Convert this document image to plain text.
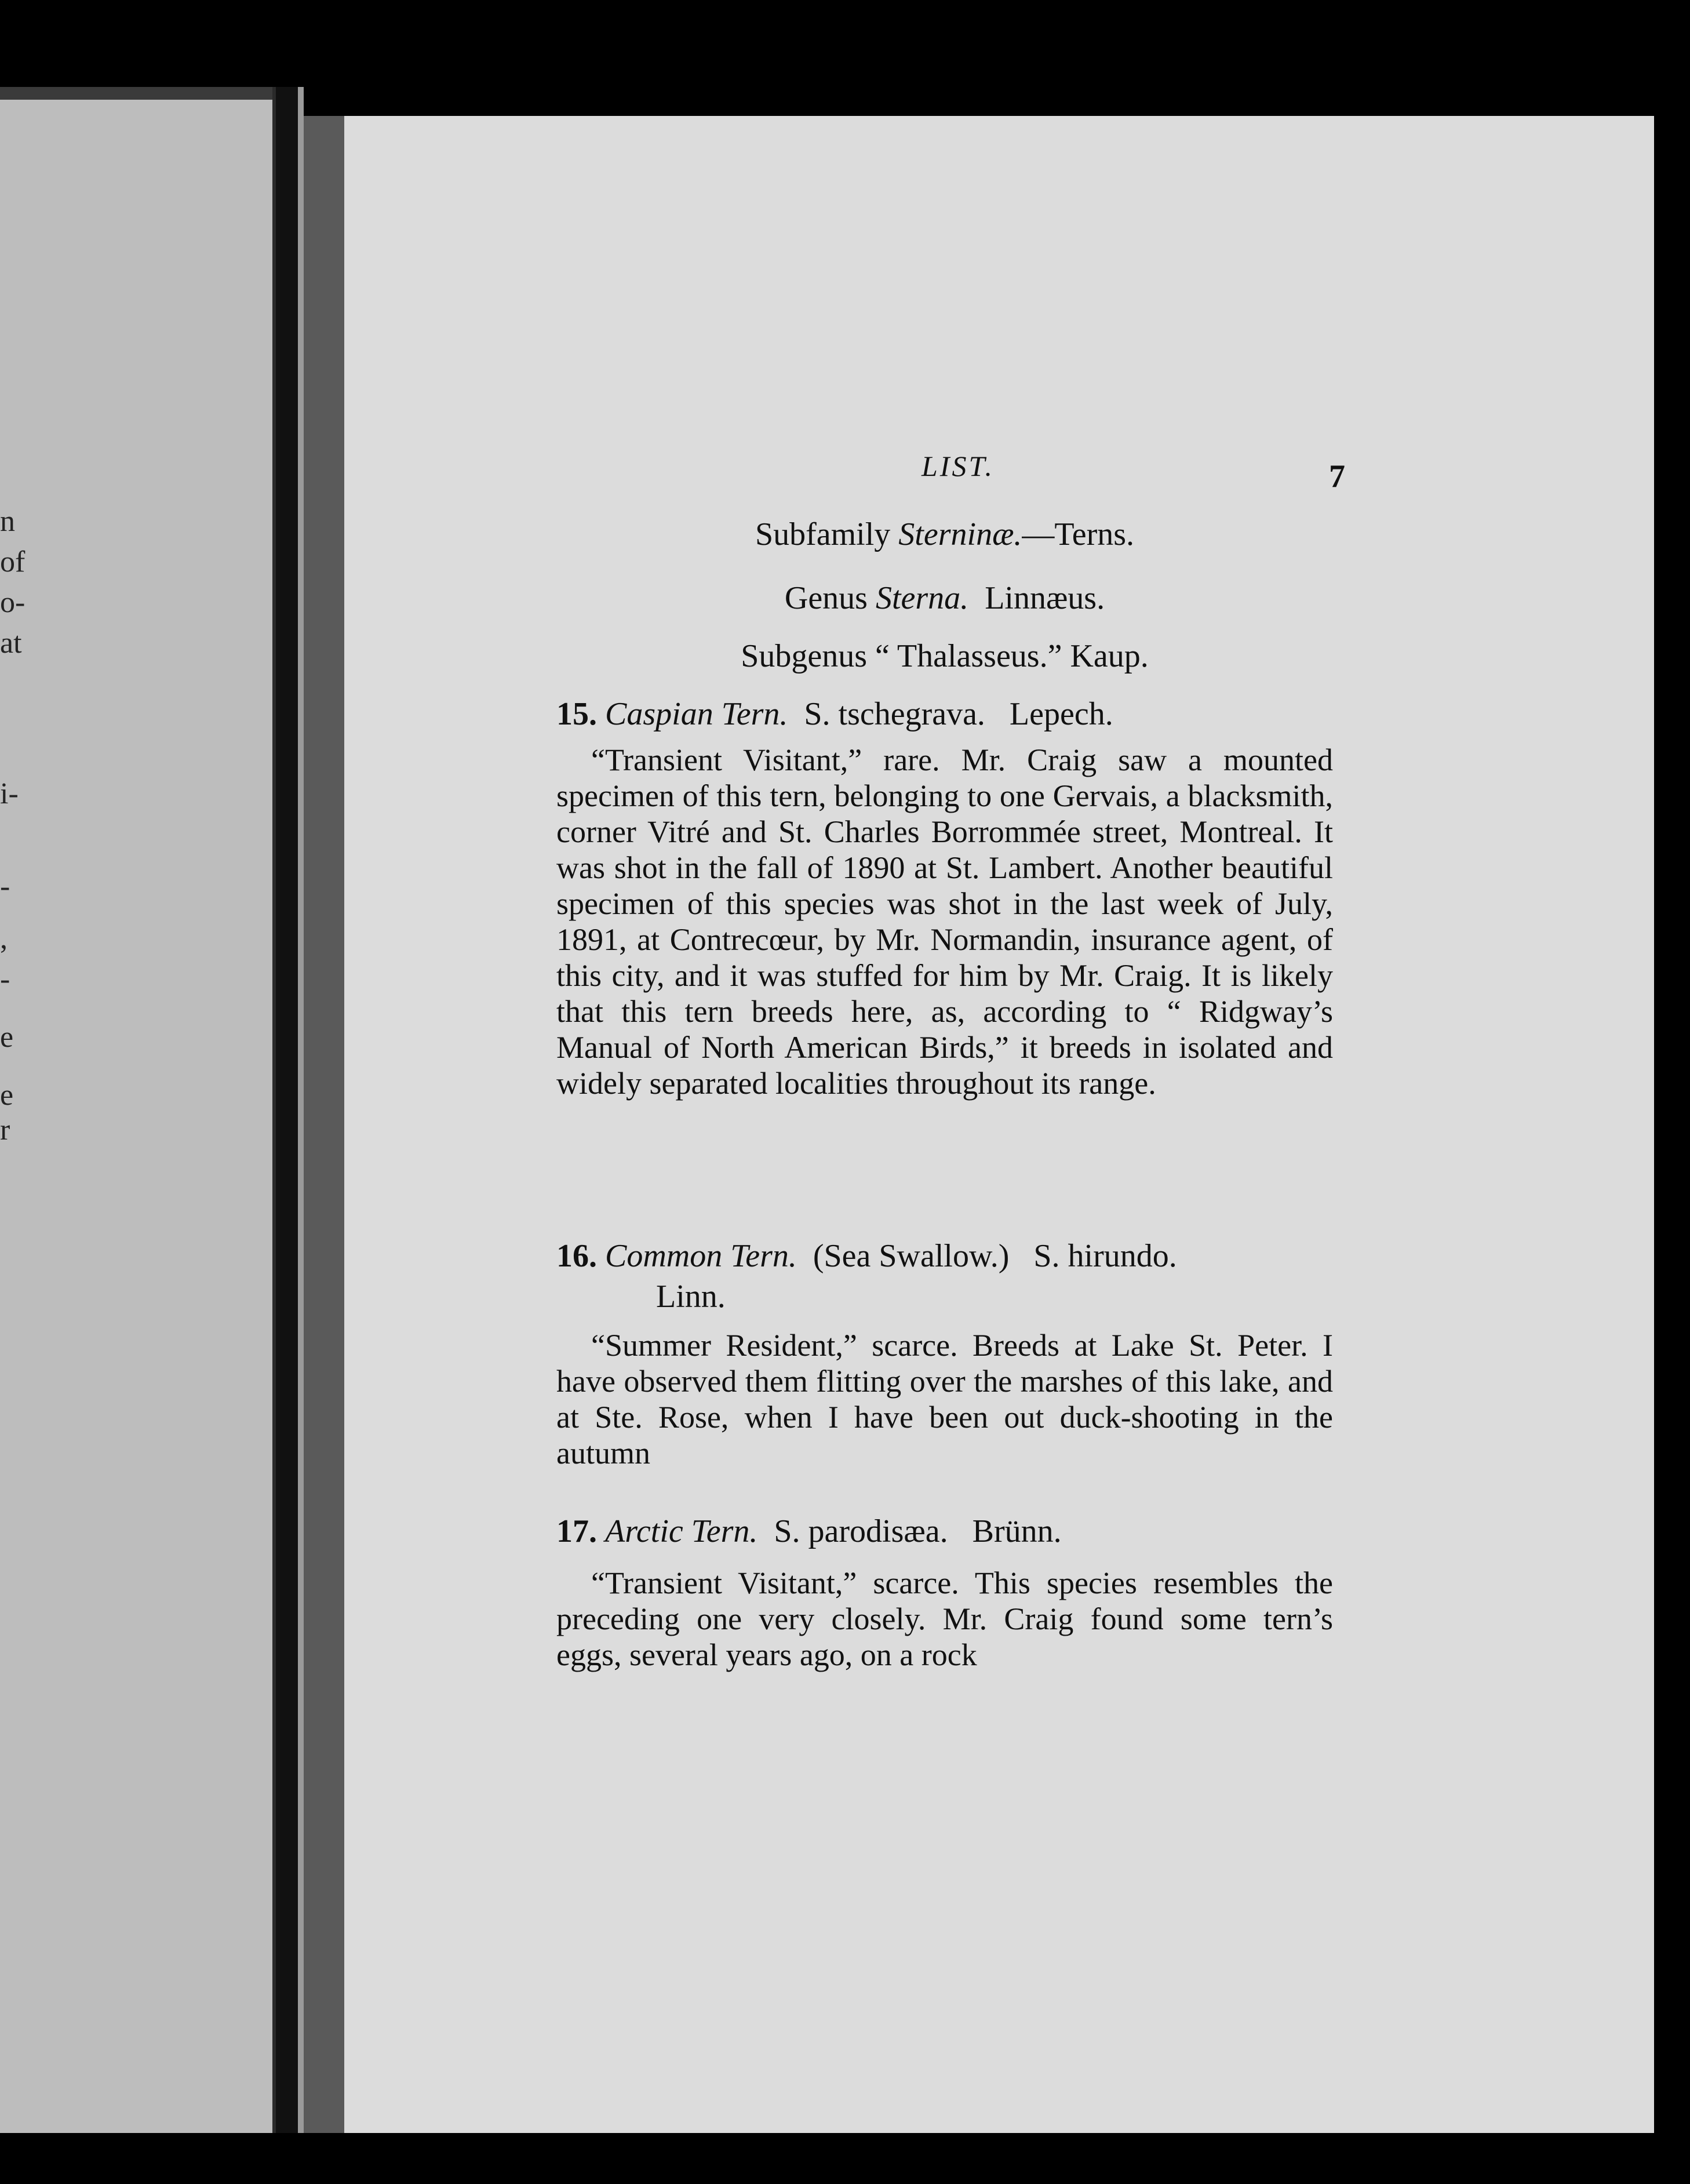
n
of
o-
at
i-
-
,
-
e
e
r
LIST.	7
Subfamily Sterninæ.—Terns.
Genus Sterna.  Linnæus.
Subgenus “ Thalasseus.” Kaup.
15. Caspian Tern.  S. tschegrava.   Lepech.

“Transient Visitant,” rare. Mr. Craig saw a mounted specimen of this tern, belonging to one Gervais, a blacksmith, corner Vitré and St. Charles Borrommée street, Montreal. It was shot in the fall of 1890 at St. Lambert. Another beautiful specimen of this species was shot in the last week of July, 1891, at Contrecœur, by Mr. Normandin, insurance agent, of this city, and it was stuffed for him by Mr. Craig. It is likely that this tern breeds here, as, according to “ Ridgway’s Manual of North American Birds,” it breeds in isolated and widely separated localities throughout its range.

16. Common Tern.  (Sea Swallow.)   S. hirundo.
Linn.

“Summer Resident,” scarce. Breeds at Lake St. Peter. I have observed them flitting over the marshes of this lake, and at Ste. Rose, when I have been out duck-shooting in the autumn

17. Arctic Tern.  S. parodisæa.   Brünn.

“Transient Visitant,” scarce. This species resembles the preceding one very closely. Mr. Craig found some tern’s eggs, several years ago, on a rock
